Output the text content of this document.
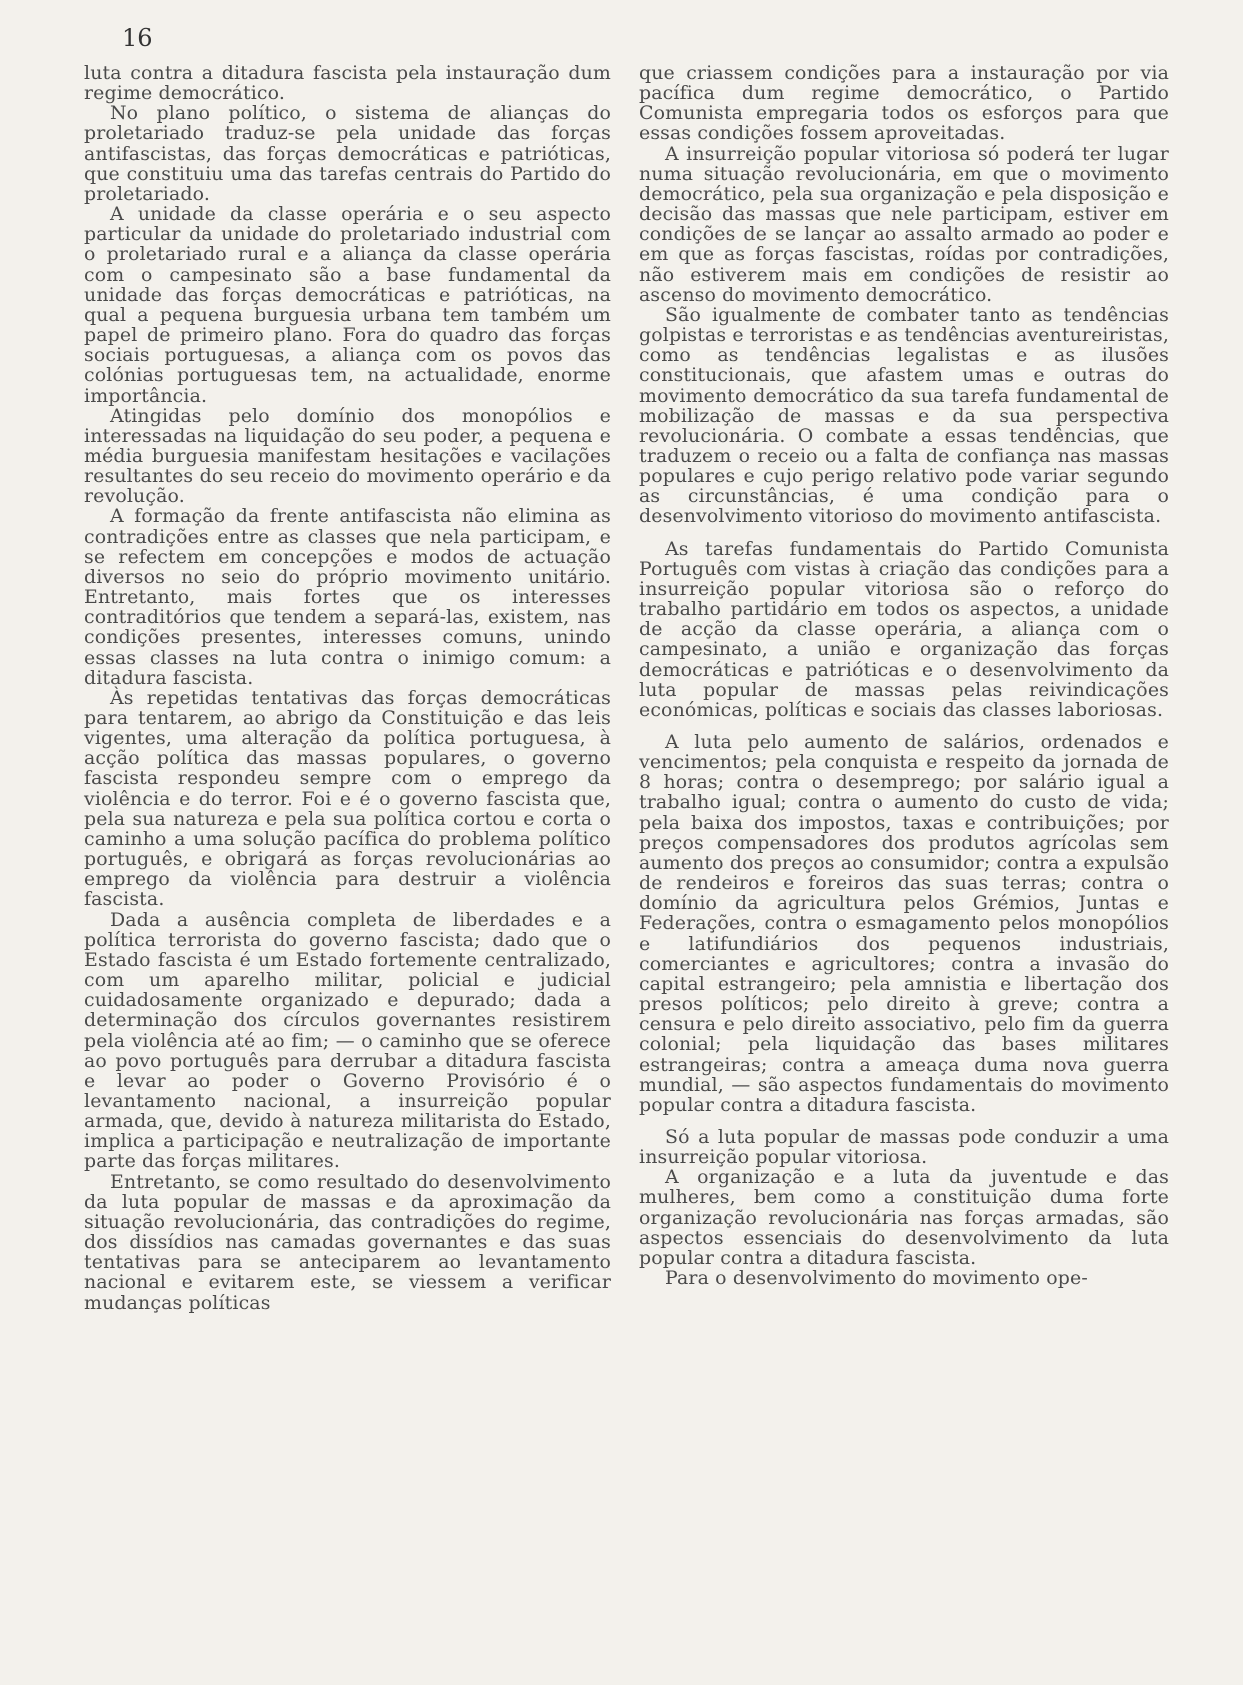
16

luta contra a ditadura fascista pela instauração dum regime democrático.

No plano político, o sistema de alianças do proletariado traduz-se pela unidade das forças antifascistas, das forças democráticas e patrióticas, que constituiu uma das tarefas centrais do Partido do proletariado.

A unidade da classe operária e o seu aspecto particular da unidade do proletariado industrial com o proletariado rural e a aliança da classe operária com o campesinato são a base fundamental da unidade das forças democráticas e patrióticas, na qual a pequena burguesia urbana tem também um papel de primeiro plano. Fora do quadro das forças sociais portuguesas, a aliança com os povos das colónias portuguesas tem, na actualidade, enorme importância.

Atingidas pelo domínio dos monopólios e interessadas na liquidação do seu poder, a pequena e média burguesia manifestam hesitações e vacilações resultantes do seu receio do movimento operário e da revolução.

A formação da frente antifascista não elimina as contradições entre as classes que nela participam, e se refectem em concepções e modos de actuação diversos no seio do próprio movimento unitário. Entretanto, mais fortes que os interesses contraditórios que tendem a separá-las, existem, nas condições presentes, interesses comuns, unindo essas classes na luta contra o inimigo comum: a ditadura fascista.

Às repetidas tentativas das forças democráticas para tentarem, ao abrigo da Constituição e das leis vigentes, uma alteração da política portuguesa, à acção política das massas populares, o governo fascista respondeu sempre com o emprego da violência e do terror. Foi e é o governo fascista que, pela sua natureza e pela sua política cortou e corta o caminho a uma solução pacífica do problema político português, e obrigará as forças revolucionárias ao emprego da violência para destruir a violência fascista.

Dada a ausência completa de liberdades e a política terrorista do governo fascista; dado que o Estado fascista é um Estado fortemente centralizado, com um aparelho militar, policial e judicial cuidadosamente organizado e depurado; dada a determinação dos círculos governantes resistirem pela violência até ao fim; — o caminho que se oferece ao povo português para derrubar a ditadura fascista e levar ao poder o Governo Provisório é o levantamento nacional, a insurreição popular armada, que, devido à natureza militarista do Estado, implica a participação e neutralização de importante parte das forças militares.

Entretanto, se como resultado do desenvolvimento da luta popular de massas e da aproximação da situação revolucionária, das contradições do regime, dos dissídios nas camadas governantes e das suas tentativas para se anteciparem ao levantamento nacional e evitarem este, se viessem a verificar mudanças políticas

que criassem condições para a instauração por via pacífica dum regime democrático, o Partido Comunista empregaria todos os esforços para que essas condições fossem aproveitadas.

A insurreição popular vitoriosa só poderá ter lugar numa situação revolucionária, em que o movimento democrático, pela sua organização e pela disposição e decisão das massas que nele participam, estiver em condições de se lançar ao assalto armado ao poder e em que as forças fascistas, roídas por contradições, não estiverem mais em condições de resistir ao ascenso do movimento democrático.

São igualmente de combater tanto as tendências golpistas e terroristas e as tendências aventureiristas, como as tendências legalistas e as ilusões constitucionais, que afastem umas e outras do movimento democrático da sua tarefa fundamental de mobilização de massas e da sua perspectiva revolucionária. O combate a essas tendências, que traduzem o receio ou a falta de confiança nas massas populares e cujo perigo relativo pode variar segundo as circunstâncias, é uma condição para o desenvolvimento vitorioso do movimento antifascista.

As tarefas fundamentais do Partido Comunista Português com vistas à criação das condições para a insurreição popular vitoriosa são o reforço do trabalho partidário em todos os aspectos, a unidade de acção da classe operária, a aliança com o campesinato, a união e organização das forças democráticas e patrióticas e o desenvolvimento da luta popular de massas pelas reivindicações económicas, políticas e sociais das classes laboriosas.

A luta pelo aumento de salários, ordenados e vencimentos; pela conquista e respeito da jornada de 8 horas; contra o desemprego; por salário igual a trabalho igual; contra o aumento do custo de vida; pela baixa dos impostos, taxas e contribuições; por preços compensadores dos produtos agrícolas sem aumento dos preços ao consumidor; contra a expulsão de rendeiros e foreiros das suas terras; contra o domínio da agricultura pelos Grémios, Juntas e Federações, contra o esmagamento pelos monopólios e latifundiários dos pequenos industriais, comerciantes e agricultores; contra a invasão do capital estrangeiro; pela amnistia e libertação dos presos políticos; pelo direito à greve; contra a censura e pelo direito associativo, pelo fim da guerra colonial; pela liquidação das bases militares estrangeiras; contra a ameaça duma nova guerra mundial, — são aspectos fundamentais do movimento popular contra a ditadura fascista.

Só a luta popular de massas pode conduzir a uma insurreição popular vitoriosa.

A organização e a luta da juventude e das mulheres, bem como a constituição duma forte organização revolucionária nas forças armadas, são aspectos essenciais do desenvolvimento da luta popular contra a ditadura fascista.

Para o desenvolvimento do movimento ope-
